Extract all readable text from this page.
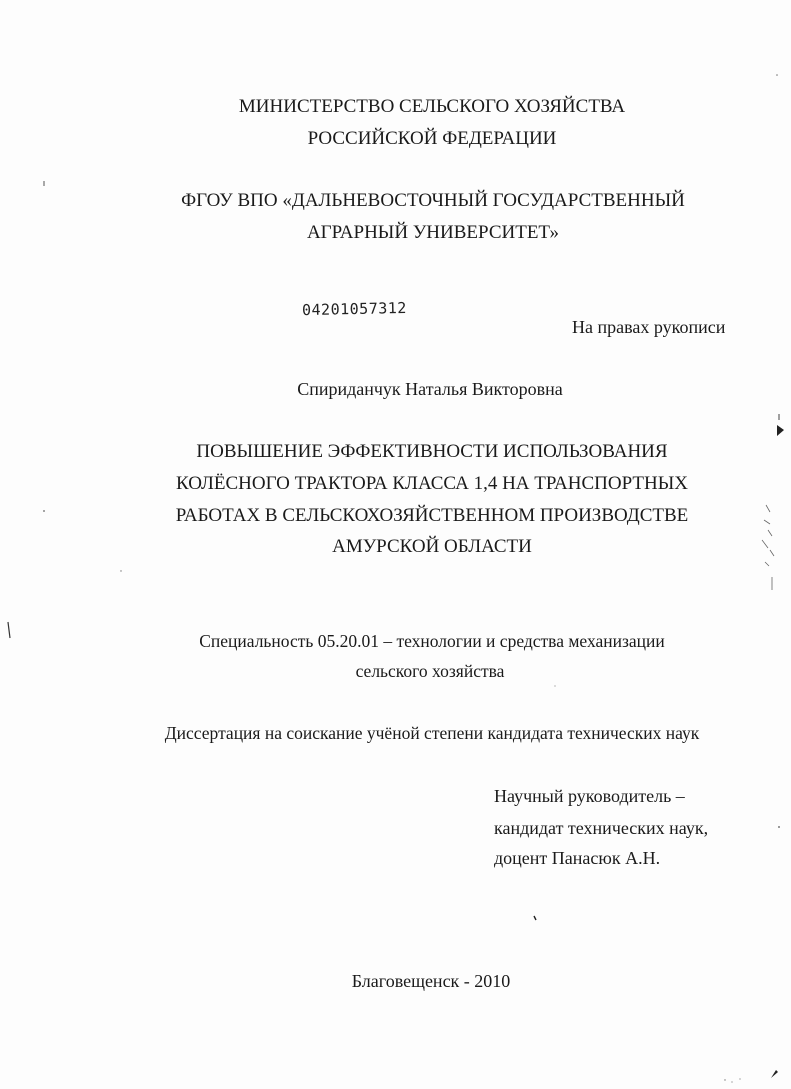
МИНИСТЕРСТВО СЕЛЬСКОГО ХОЗЯЙСТВА
РОССИЙСКОЙ ФЕДЕРАЦИИ
ФГОУ ВПО «ДАЛЬНЕВОСТОЧНЫЙ ГОСУДАРСТВЕННЫЙ
АГРАРНЫЙ УНИВЕРСИТЕТ»
04201057312
На правах рукописи
Спириданчук Наталья Викторовна
ПОВЫШЕНИЕ ЭФФЕКТИВНОСТИ ИСПОЛЬЗОВАНИЯ
КОЛЁСНОГО ТРАКТОРА КЛАССА 1,4 НА ТРАНСПОРТНЫХ
РАБОТАХ В СЕЛЬСКОХОЗЯЙСТВЕННОМ ПРОИЗВОДСТВЕ
АМУРСКОЙ ОБЛАСТИ
Специальность 05.20.01 – технологии и средства механизации
сельского хозяйства
Диссертация на соискание учёной степени кандидата технических наук
Научный руководитель –
кандидат технических наук,
доцент Панасюк А.Н.
Благовещенск - 2010
